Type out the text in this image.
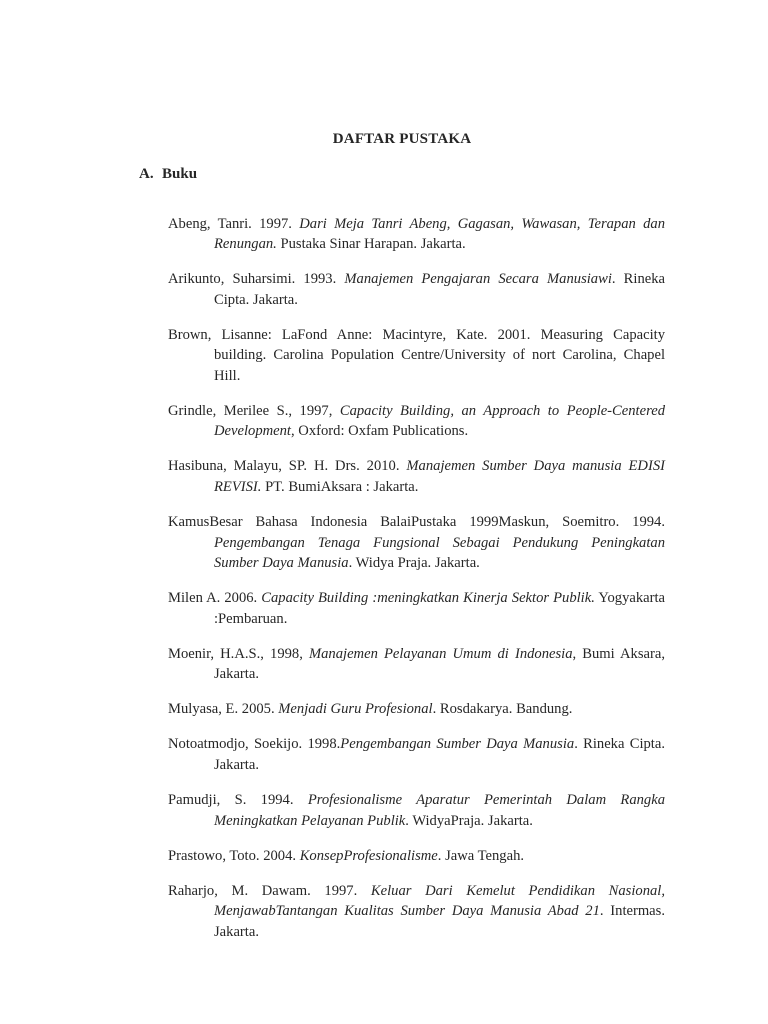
DAFTAR PUSTAKA
A. Buku

Abeng, Tanri. 1997. Dari Meja Tanri Abeng, Gagasan, Wawasan, Terapan dan Renungan. Pustaka Sinar Harapan. Jakarta.

Arikunto, Suharsimi. 1993. Manajemen Pengajaran Secara Manusiawi. Rineka Cipta. Jakarta.

Brown, Lisanne: LaFond Anne: Macintyre, Kate. 2001. Measuring Capacity building. Carolina Population Centre/University of nort Carolina, Chapel Hill.

Grindle, Merilee S., 1997, Capacity Building, an Approach to People-Centered Development, Oxford: Oxfam Publications.

Hasibuna, Malayu, SP. H. Drs. 2010. Manajemen Sumber Daya manusia EDISI REVISI. PT. BumiAksara : Jakarta.

KamusBesar Bahasa Indonesia BalaiPustaka 1999Maskun, Soemitro. 1994. Pengembangan Tenaga Fungsional Sebagai Pendukung Peningkatan Sumber Daya Manusia. Widya Praja. Jakarta.

Milen A. 2006. Capacity Building :meningkatkan Kinerja Sektor Publik. Yogyakarta :Pembaruan.

Moenir, H.A.S., 1998, Manajemen Pelayanan Umum di Indonesia, Bumi Aksara, Jakarta.

Mulyasa, E. 2005. Menjadi Guru Profesional. Rosdakarya. Bandung.

Notoatmodjo, Soekijo. 1998.Pengembangan Sumber Daya Manusia. Rineka Cipta. Jakarta.

Pamudji, S. 1994. Profesionalisme Aparatur Pemerintah Dalam Rangka Meningkatkan Pelayanan Publik. WidyaPraja. Jakarta.

Prastowo, Toto. 2004. KonsepProfesionalisme. Jawa Tengah.

Raharjo, M. Dawam. 1997. Keluar Dari Kemelut Pendidikan Nasional, MenjawabTantangan Kualitas Sumber Daya Manusia Abad 21. Intermas. Jakarta.
